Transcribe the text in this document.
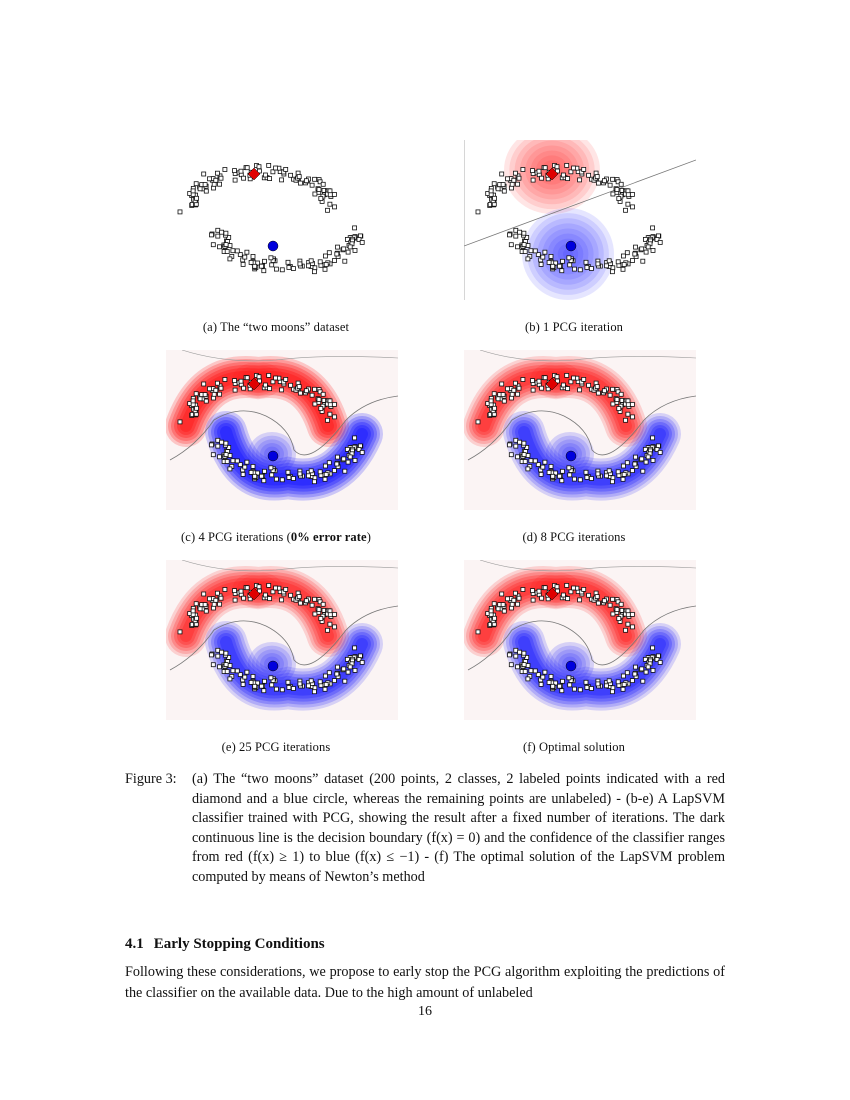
(a) The “two moons” dataset	(b) 1 PCG iteration
(c) 4 PCG iterations (0% error rate)	(d) 8 PCG iterations
(e) 25 PCG iterations	(f) Optimal solution
Figure 3: (a) The “two moons” dataset (200 points, 2 classes, 2 labeled points indicated with a red diamond and a blue circle, whereas the remaining points are unlabeled) - (b-e) A LapSVM classifier trained with PCG, showing the result after a fixed number of iterations. The dark continuous line is the decision boundary (f(x) = 0) and the confidence of the classifier ranges from red (f(x) ≥ 1) to blue (f(x) ≤ −1) - (f) The optimal solution of the LapSVM problem computed by means of Newton’s method
4.1 Early Stopping Conditions
Following these considerations, we propose to early stop the PCG algorithm exploiting the predictions of the classifier on the available data. Due to the high amount of unlabeled
16
